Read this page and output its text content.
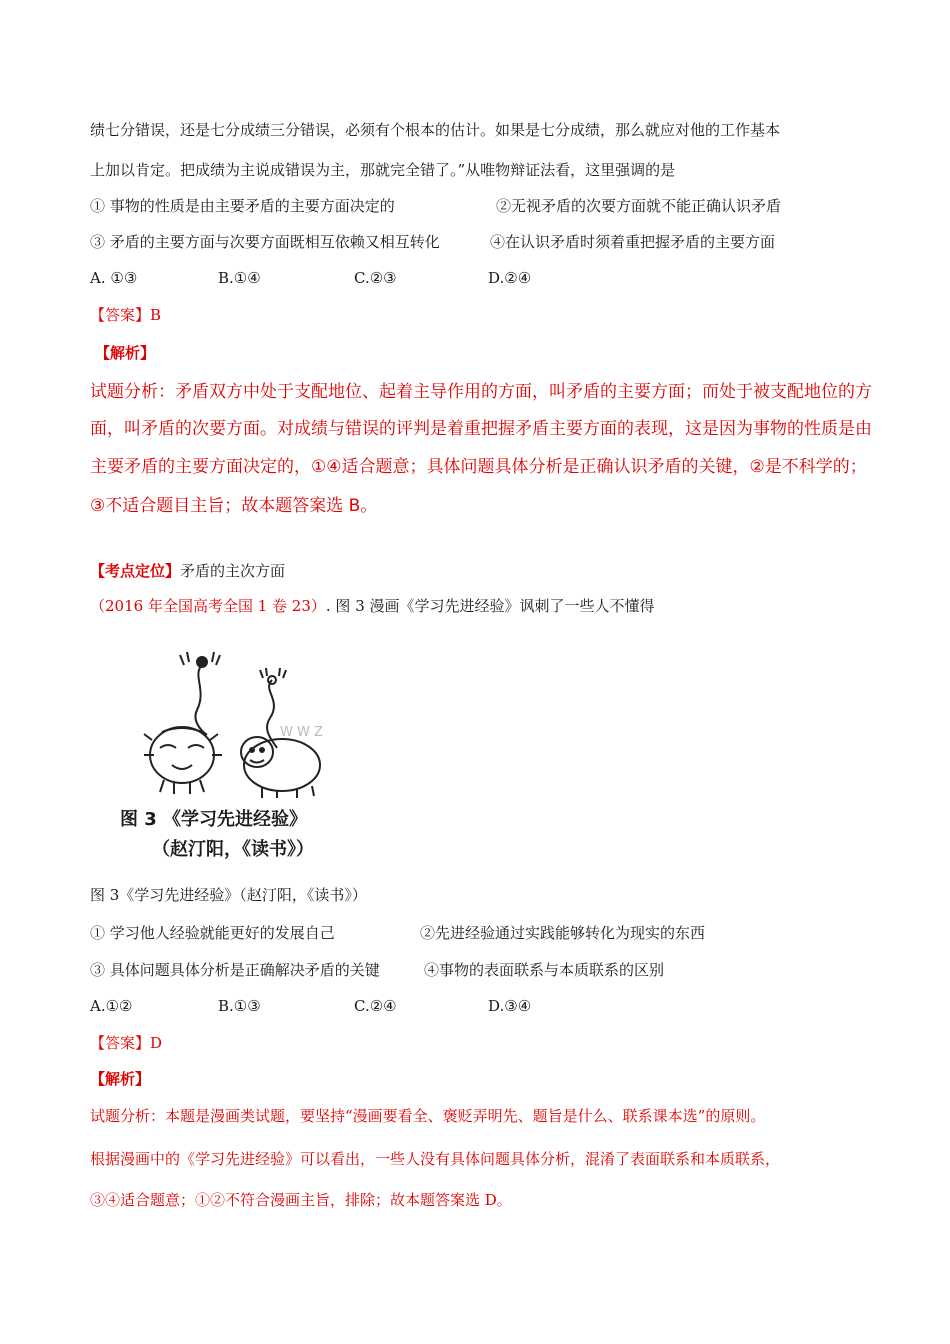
绩七分错误，还是七分成绩三分错误，必须有个根本的估计。如果是七分成绩，那么就应对他的工作基本
上加以肯定。把成绩为主说成错误为主，那就完全错了。”从唯物辩证法看，这里强调的是
① 事物的性质是由主要矛盾的主要方面决定的	②无视矛盾的次要方面就不能正确认识矛盾
③ 矛盾的主要方面与次要方面既相互依赖又相互转化	④在认识矛盾时须着重把握矛盾的主要方面
A. ①③	B.①④	C.②③	D.②④
【答案】B
【解析】
试题分析：矛盾双方中处于支配地位、起着主导作用的方面，叫矛盾的主要方面；而处于被支配地位的方
面，叫矛盾的次要方面。对成绩与错误的评判是着重把握矛盾主要方面的表现，这是因为事物的性质是由
主要矛盾的主要方面决定的，①④适合题意；具体问题具体分析是正确认识矛盾的关键，②是不科学的；
③不适合题目主旨；故本题答案选 B。
【考点定位】矛盾的主次方面
（2016 年全国高考全国 1 卷 23）. 图 3 漫画《学习先进经验》讽刺了一些人不懂得
W W Z
图 3 《学习先进经验》
（赵汀阳，《读书》）
图 3《学习先进经验》（赵汀阳，《读书》）
① 学习他人经验就能更好的发展自己	②先进经验通过实践能够转化为现实的东西
③ 具体问题具体分析是正确解决矛盾的关键	④事物的表面联系与本质联系的区别
A.①②	B.①③	C.②④	D.③④
【答案】D
【解析】
试题分析：本题是漫画类试题，要坚持“漫画要看全、褒贬弄明先、题旨是什么、联系课本选”的原则。
根据漫画中的《学习先进经验》可以看出，一些人没有具体问题具体分析，混淆了表面联系和本质联系，
③④适合题意；①②不符合漫画主旨，排除；故本题答案选 D。
